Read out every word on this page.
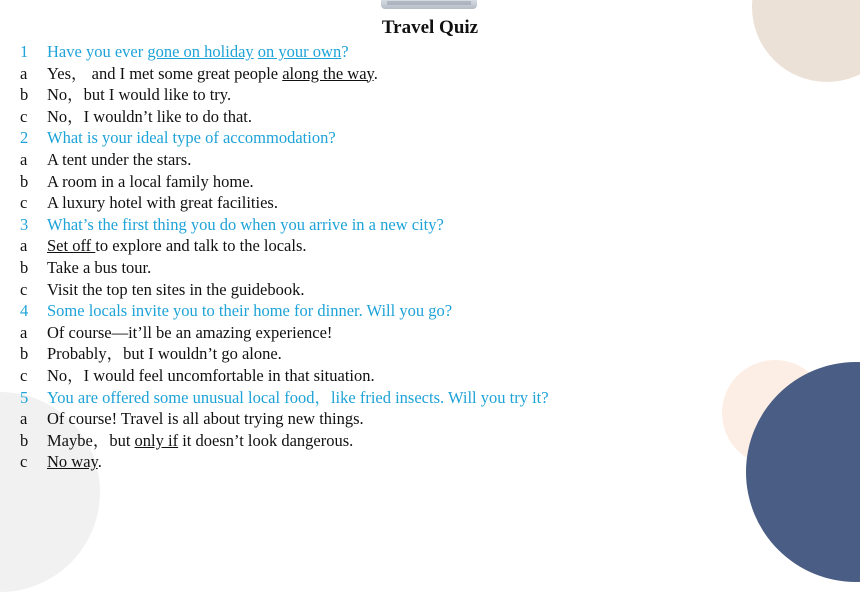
Travel Quiz
1	Have you ever gone on holiday on your own?
a	Yes， and I met some great people along the way.
b	No，but I would like to try.
c	No，I wouldn’t like to do that.
2	What is your ideal type of accommodation?
a	A tent under the stars.
b	A room in a local family home.
c	A luxury hotel with great facilities.
3	What’s the first thing you do when you arrive in a new city?
a	Set off to explore and talk to the locals.
b	Take a bus tour.
c	Visit the top ten sites in the guidebook.
4	Some locals invite you to their home for dinner. Will you go?
a	Of course—it’ll be an amazing experience!
b	Probably，but I wouldn’t go alone.
c	No，I would feel uncomfortable in that situation.
5	You are offered some unusual local food，like fried insects. Will you try it?
a	Of course! Travel is all about trying new things.
b	Maybe，but only if it doesn’t look dangerous.
c	No way.
